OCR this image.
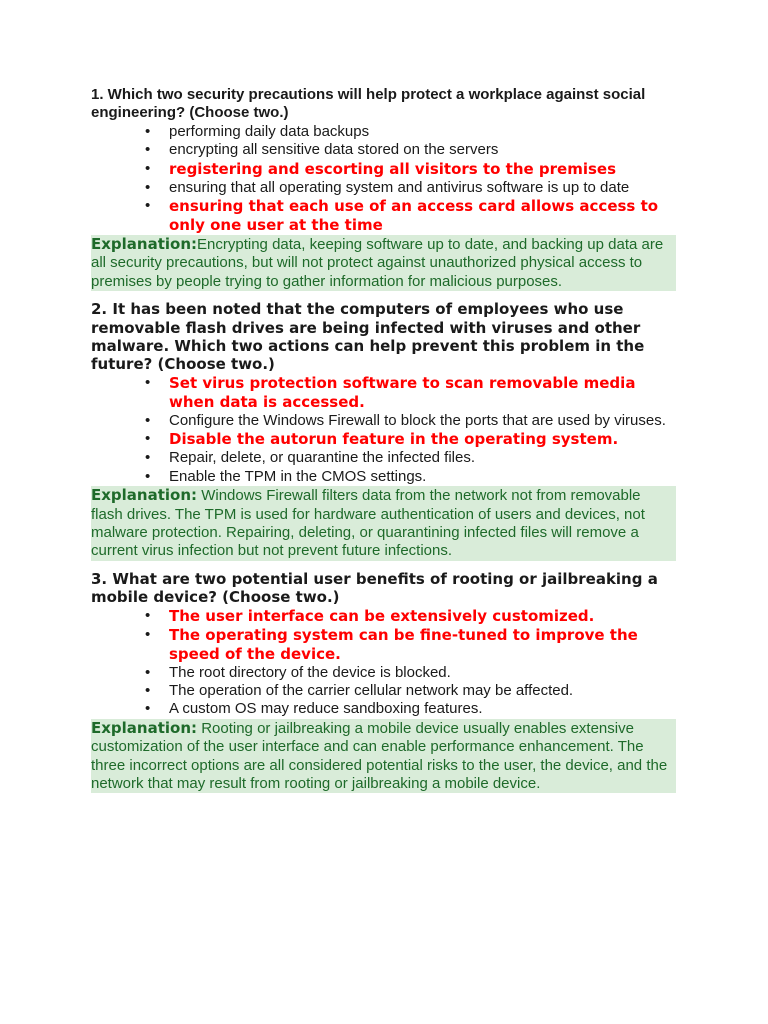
1. Which two security precautions will help protect a workplace against social engineering? (Choose two.)

• performing daily data backups
• encrypting all sensitive data stored on the servers
• registering and escorting all visitors to the premises
• ensuring that all operating system and antivirus software is up to date
• ensuring that each use of an access card allows access to only one user at the time
Explanation:Encrypting data, keeping software up to date, and backing up data are all security precautions, but will not protect against unauthorized physical access to premises by people trying to gather information for malicious purposes.

2. It has been noted that the computers of employees who use removable flash drives are being infected with viruses and other malware. Which two actions can help prevent this problem in the future? (Choose two.)

• Set virus protection software to scan removable media when data is accessed.
• Configure the Windows Firewall to block the ports that are used by viruses.
• Disable the autorun feature in the operating system.
• Repair, delete, or quarantine the infected files.
• Enable the TPM in the CMOS settings.
Explanation: Windows Firewall filters data from the network not from removable flash drives. The TPM is used for hardware authentication of users and devices, not malware protection. Repairing, deleting, or quarantining infected files will remove a current virus infection but not prevent future infections.

3. What are two potential user benefits of rooting or jailbreaking a mobile device? (Choose two.)

• The user interface can be extensively customized.
• The operating system can be fine-tuned to improve the speed of the device.
• The root directory of the device is blocked.
• The operation of the carrier cellular network may be affected.
• A custom OS may reduce sandboxing features.
Explanation: Rooting or jailbreaking a mobile device usually enables extensive customization of the user interface and can enable performance enhancement. The three incorrect options are all considered potential risks to the user, the device, and the network that may result from rooting or jailbreaking a mobile device.
